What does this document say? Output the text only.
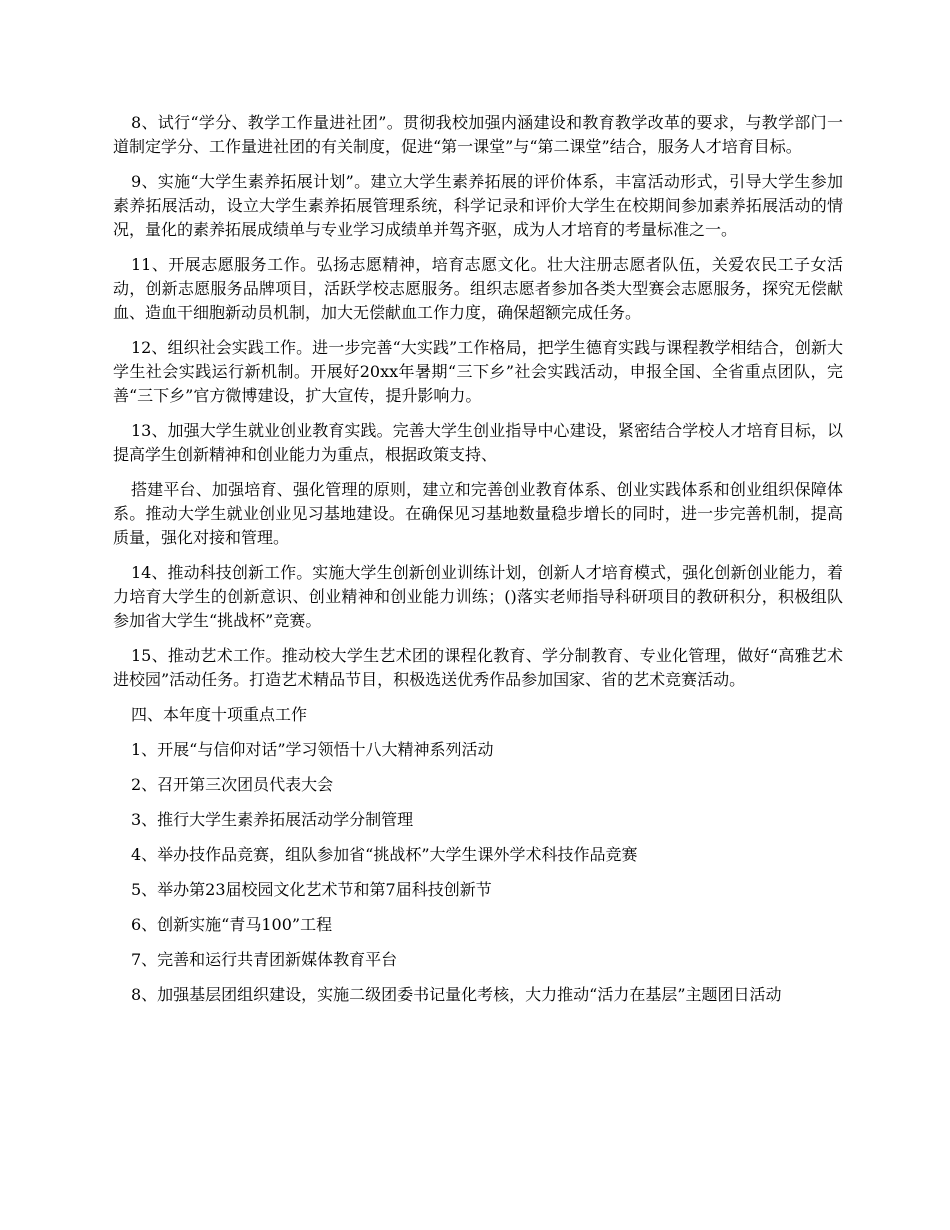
8、试行“学分、教学工作量进社团”。贯彻我校加强内涵建设和教育教学改革的要求，与教学部门一道制定学分、工作量进社团的有关制度，促进“第一课堂”与“第二课堂”结合，服务人才培育目标。

9、实施“大学生素养拓展计划”。建立大学生素养拓展的评价体系，丰富活动形式，引导大学生参加素养拓展活动，设立大学生素养拓展管理系统，科学记录和评价大学生在校期间参加素养拓展活动的情况，量化的素养拓展成绩单与专业学习成绩单并驾齐驱，成为人才培育的考量标准之一。

11、开展志愿服务工作。弘扬志愿精神，培育志愿文化。壮大注册志愿者队伍，关爱农民工子女活动，创新志愿服务品牌项目，活跃学校志愿服务。组织志愿者参加各类大型赛会志愿服务，探究无偿献血、造血干细胞新动员机制，加大无偿献血工作力度，确保超额完成任务。

12、组织社会实践工作。进一步完善“大实践”工作格局，把学生德育实践与课程教学相结合，创新大学生社会实践运行新机制。开展好20xx年暑期“三下乡”社会实践活动，申报全国、全省重点团队，完善“三下乡”官方微博建设，扩大宣传，提升影响力。

13、加强大学生就业创业教育实践。完善大学生创业指导中心建设，紧密结合学校人才培育目标，以提高学生创新精神和创业能力为重点，根据政策支持、

搭建平台、加强培育、强化管理的原则，建立和完善创业教育体系、创业实践体系和创业组织保障体系。推动大学生就业创业见习基地建设。在确保见习基地数量稳步增长的同时，进一步完善机制，提高质量，强化对接和管理。

14、推动科技创新工作。实施大学生创新创业训练计划，创新人才培育模式，强化创新创业能力，着力培育大学生的创新意识、创业精神和创业能力训练；()落实老师指导科研项目的教研积分，积极组队参加省大学生“挑战杯”竞赛。

15、推动艺术工作。推动校大学生艺术团的课程化教育、学分制教育、专业化管理，做好“高雅艺术进校园”活动任务。打造艺术精品节目，积极选送优秀作品参加国家、省的艺术竞赛活动。

四、本年度十项重点工作

1、开展“与信仰对话”学习领悟十八大精神系列活动

2、召开第三次团员代表大会

3、推行大学生素养拓展活动学分制管理

4、举办技作品竞赛，组队参加省“挑战杯”大学生课外学术科技作品竞赛

5、举办第23届校园文化艺术节和第7届科技创新节

6、创新实施“青马100”工程

7、完善和运行共青团新媒体教育平台

8、加强基层团组织建设，实施二级团委书记量化考核，大力推动“活力在基层”主题团日活动
